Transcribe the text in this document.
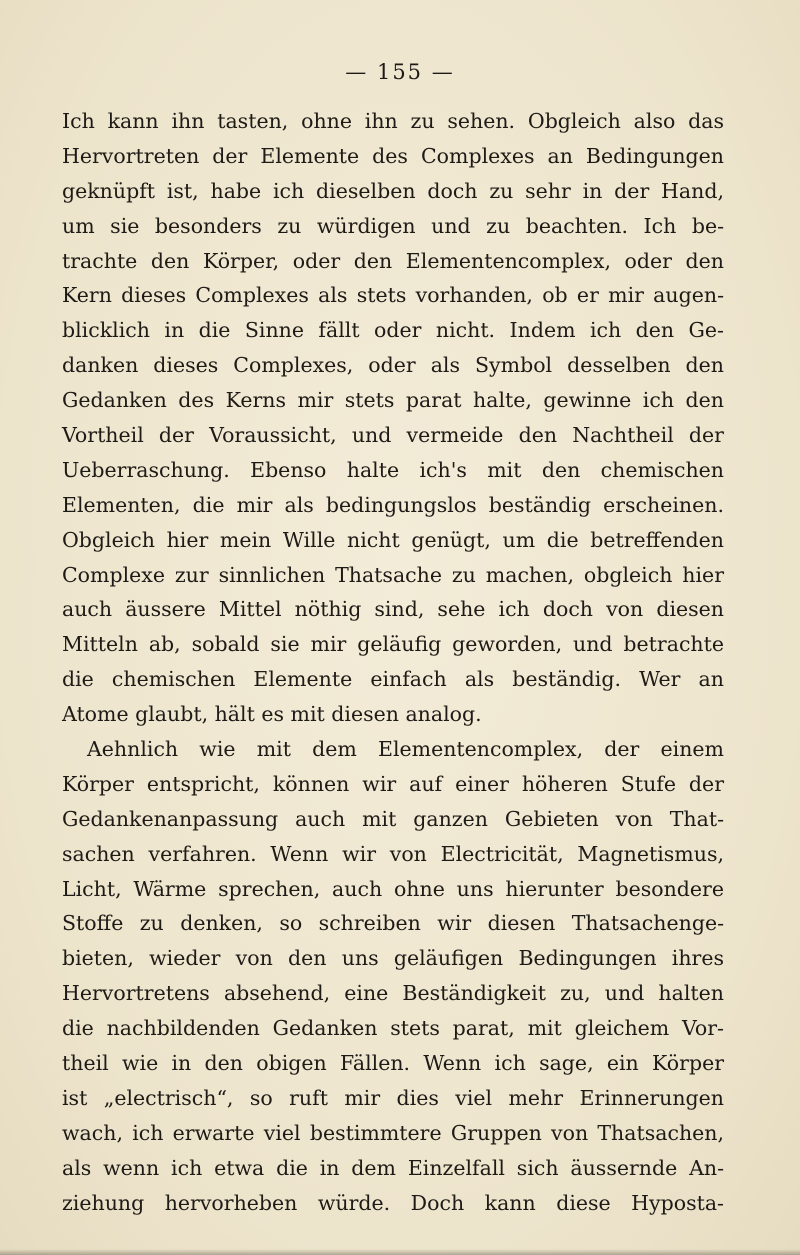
— 155 —
Ich kann ihn tasten, ohne ihn zu sehen. Obgleich also das
Hervortreten der Elemente des Complexes an Bedingungen
geknüpft ist, habe ich dieselben doch zu sehr in der Hand,
um sie besonders zu würdigen und zu beachten. Ich be-
trachte den Körper, oder den Elementencomplex, oder den
Kern dieses Complexes als stets vorhanden, ob er mir augen-
blicklich in die Sinne fällt oder nicht. Indem ich den Ge-
danken dieses Complexes, oder als Symbol desselben den
Gedanken des Kerns mir stets parat halte, gewinne ich den
Vortheil der Voraussicht, und vermeide den Nachtheil der
Ueberraschung. Ebenso halte ich's mit den chemischen
Elementen, die mir als bedingungslos beständig erscheinen.
Obgleich hier mein Wille nicht genügt, um die betreffenden
Complexe zur sinnlichen Thatsache zu machen, obgleich hier
auch äussere Mittel nöthig sind, sehe ich doch von diesen
Mitteln ab, sobald sie mir geläufig geworden, und betrachte
die chemischen Elemente einfach als beständig. Wer an
Atome glaubt, hält es mit diesen analog.
Aehnlich wie mit dem Elementencomplex, der einem
Körper entspricht, können wir auf einer höheren Stufe der
Gedankenanpassung auch mit ganzen Gebieten von That-
sachen verfahren. Wenn wir von Electricität, Magnetismus,
Licht, Wärme sprechen, auch ohne uns hierunter besondere
Stoffe zu denken, so schreiben wir diesen Thatsachenge-
bieten, wieder von den uns geläufigen Bedingungen ihres
Hervortretens absehend, eine Beständigkeit zu, und halten
die nachbildenden Gedanken stets parat, mit gleichem Vor-
theil wie in den obigen Fällen. Wenn ich sage, ein Körper
ist „electrisch“, so ruft mir dies viel mehr Erinnerungen
wach, ich erwarte viel bestimmtere Gruppen von Thatsachen,
als wenn ich etwa die in dem Einzelfall sich äussernde An-
ziehung hervorheben würde. Doch kann diese Hyposta-
